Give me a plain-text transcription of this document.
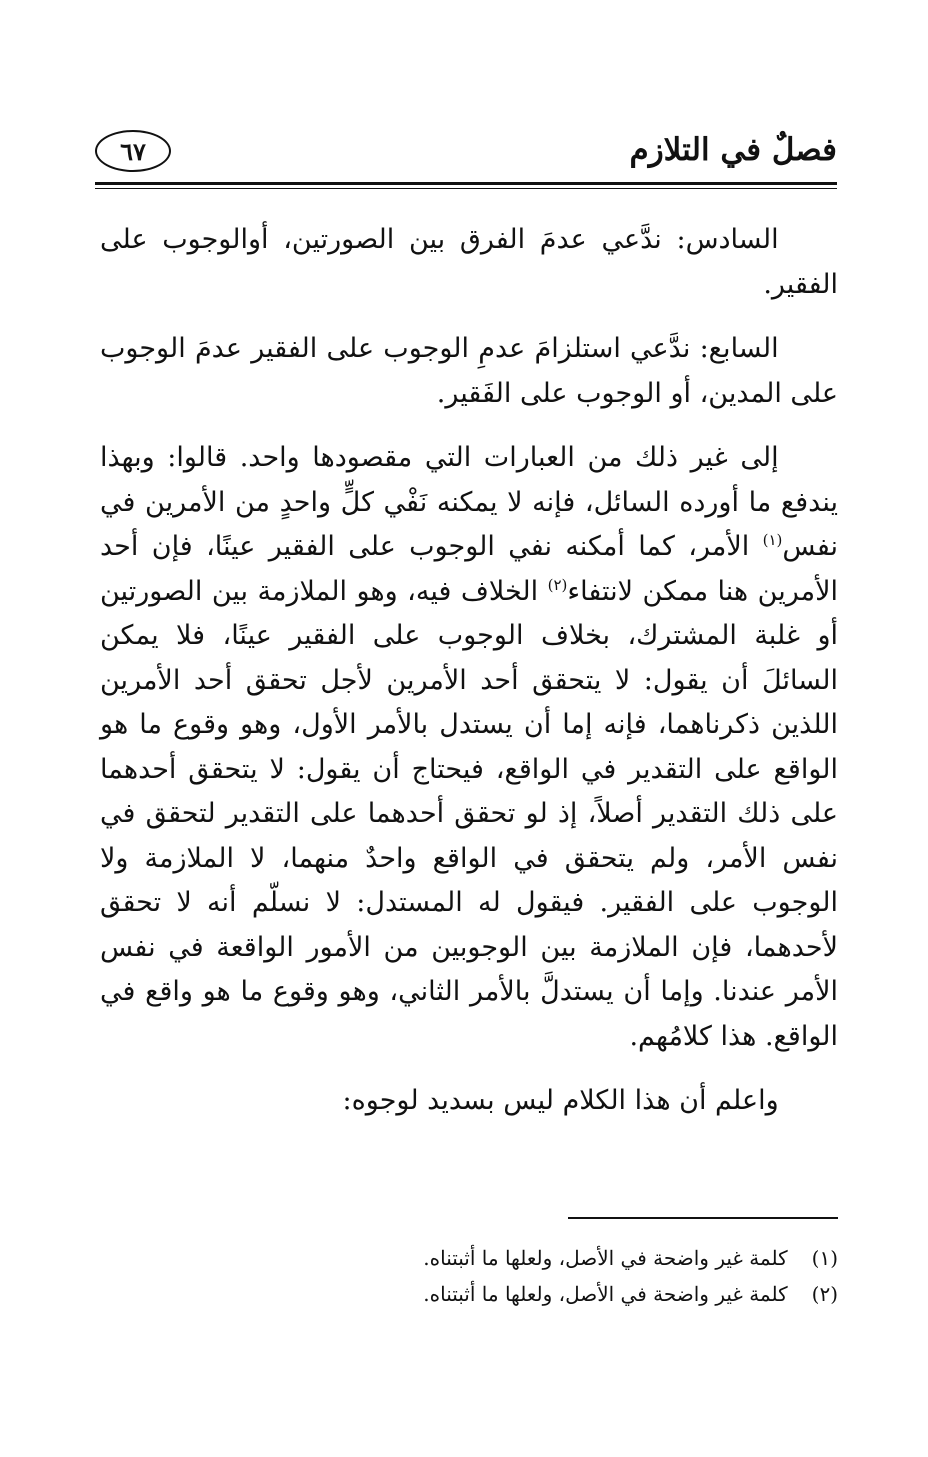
فصلٌ في التلازم
٦٧

السادس: ندَّعي عدمَ الفرق بين الصورتين، أوالوجوب على الفقير.

السابع: ندَّعي استلزامَ عدمِ الوجوب على الفقير عدمَ الوجوب على المدين، أو الوجوب على الفَقير.

إلى غير ذلك من العبارات التي مقصودها واحد. قالوا: وبهذا يندفع ما أورده السائل، فإنه لا يمكنه نَفْي كلٍّ واحدٍ من الأمرين في نفس$^{(١)}$ الأمر، كما أمكنه نفي الوجوب على الفقير عينًا، فإن أحد الأمرين هنا ممكن لانتفاء$^{(٢)}$ الخلاف فيه، وهو الملازمة بين الصورتين أو غلبة المشترك، بخلاف الوجوب على الفقير عينًا، فلا يمكن السائلَ أن يقول: لا يتحقق أحد الأمرين لأجل تحقق أحد الأمرين اللذين ذكرناهما، فإنه إما أن يستدل بالأمر الأول، وهو وقوع ما هو الواقع على التقدير في الواقع، فيحتاج أن يقول: لا يتحقق أحدهما على ذلك التقدير أصلاً، إذ لو تحقق أحدهما على التقدير لتحقق في نفس الأمر، ولم يتحقق في الواقع واحدٌ منهما، لا الملازمة ولا الوجوب على الفقير. فيقول له المستدل: لا نسلّم أنه لا تحقق لأحدهما، فإن الملازمة بين الوجوبين من الأمور الواقعة في نفس الأمر عندنا. وإما أن يستدلَّ بالأمر الثاني، وهو وقوع ما هو واقع في الواقع. هذا كلامُهم.

واعلم أن هذا الكلام ليس بسديد لوجوه:

(١) كلمة غير واضحة في الأصل، ولعلها ما أثبتناه.

(٢) كلمة غير واضحة في الأصل، ولعلها ما أثبتناه.
